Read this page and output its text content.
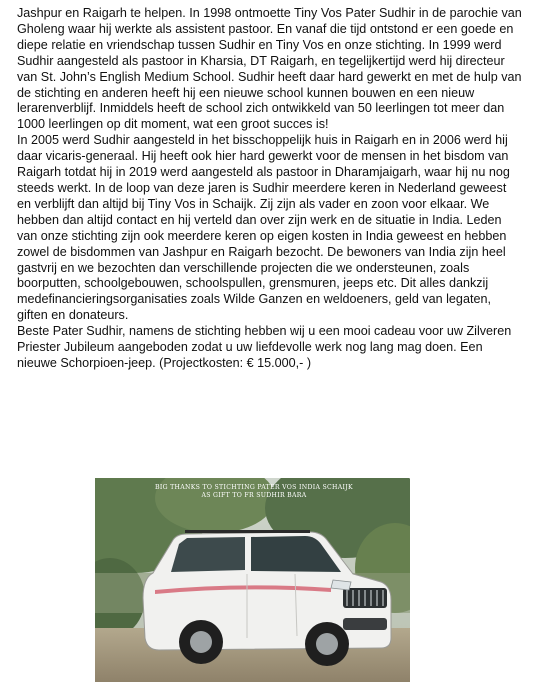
Jashpur en Raigarh te helpen. In 1998 ontmoette Tiny Vos Pater Sudhir in de parochie van Gholeng waar hij werkte als assistent pastoor. En vanaf die tijd ontstond er een goede en diepe relatie en vriendschap tussen Sudhir en Tiny Vos en onze stichting. In 1999 werd Sudhir aangesteld als pastoor in Kharsia, DT Raigarh, en tegelijkertijd werd hij directeur van St. John’s English Medium School. Sudhir heeft daar hard gewerkt en met de hulp van de stichting en anderen heeft hij een nieuwe school kunnen bouwen en een nieuw lerarenverblijf. Inmiddels heeft de school zich ontwikkeld van 50 leerlingen tot meer dan 1000 leerlingen op dit moment, wat een groot succes is!

In 2005 werd Sudhir aangesteld in het bisschoppelijk huis in Raigarh en in 2006 werd hij daar vicaris-generaal. Hij heeft ook hier hard gewerkt voor de mensen in het bisdom van Raigarh totdat hij in 2019 werd aangesteld als pastoor in Dharamjaigarh, waar hij nu nog steeds werkt. In de loop van deze jaren is Sudhir meerdere keren in Nederland geweest en verblijft dan altijd bij Tiny Vos in Schaijk. Zij zijn als vader en zoon voor elkaar. We hebben dan altijd contact en hij verteld dan over zijn werk en de situatie in India. Leden van onze stichting zijn ook meerdere keren op eigen kosten in India geweest en hebben zowel de bisdommen van Jashpur en Raigarh bezocht. De bewoners van India zijn heel gastvrij en we bezochten dan verschillende projecten die we ondersteunen, zoals boorputten, schoolgebouwen, schoolspullen, grensmuren, jeeps etc. Dit alles dankzij medefinancieringsorganisaties zoals Wilde Ganzen en weldoeners, geld van legaten, giften en donateurs.

Beste Pater Sudhir, namens de stichting hebben wij u een mooi cadeau voor uw Zilveren Priester Jubileum aangeboden zodat u uw liefdevolle werk nog lang mag doen. Een nieuwe Schorpioen-jeep. (Projectkosten: € 15.000,- )

BIG THANKS TO STICHTING PATER VOS INDIA SCHAIJK
AS GIFT TO FR SUDHIR BARA
